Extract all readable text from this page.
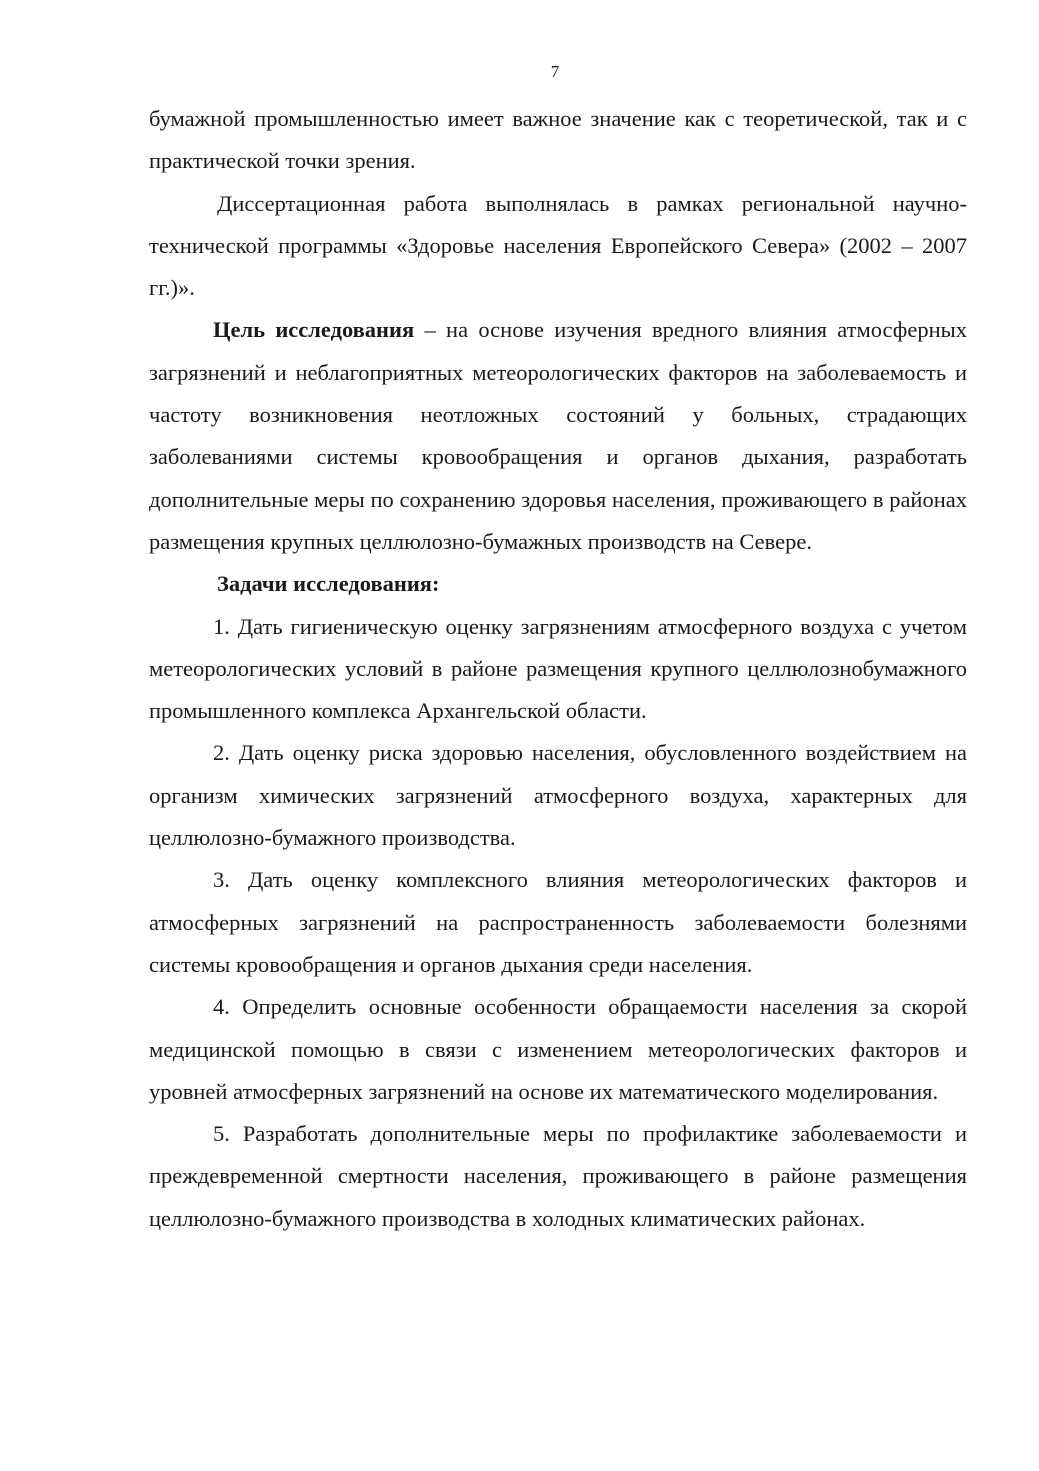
7

бумажной промышленностью имеет важное значение как с теоретической, так и с практической точки зрения.

Диссертационная работа выполнялась в рамках региональной научно-технической программы «Здоровье населения Европейского Севера» (2002 – 2007 гг.)».

Цель исследования – на основе изучения вредного влияния атмосферных загрязнений и неблагоприятных метеорологических факторов на заболеваемость и частоту возникновения неотложных состояний у больных, страдающих заболеваниями системы кровообращения и органов дыхания, разработать дополнительные меры по сохранению здоровья населения, проживающего в районах размещения крупных целлюлозно-бумажных производств на Севере.

Задачи исследования:

1. Дать гигиеническую оценку загрязнениям атмосферного воздуха с учетом метеорологических условий в районе размещения крупного целлюлознобумажного промышленного комплекса Архангельской области.

2. Дать оценку риска здоровью населения, обусловленного воздействием на организм химических загрязнений атмосферного воздуха, характерных для целлюлозно-бумажного производства.

3. Дать оценку комплексного влияния метеорологических факторов и атмосферных загрязнений на распространенность заболеваемости болезнями системы кровообращения и органов дыхания среди населения.

4. Определить основные особенности обращаемости населения за скорой медицинской помощью в связи с изменением метеорологических факторов и уровней атмосферных загрязнений на основе их математического моделирования.

5. Разработать дополнительные меры по профилактике заболеваемости и преждевременной смертности населения, проживающего в районе размещения целлюлозно-бумажного производства в холодных климатических районах.
